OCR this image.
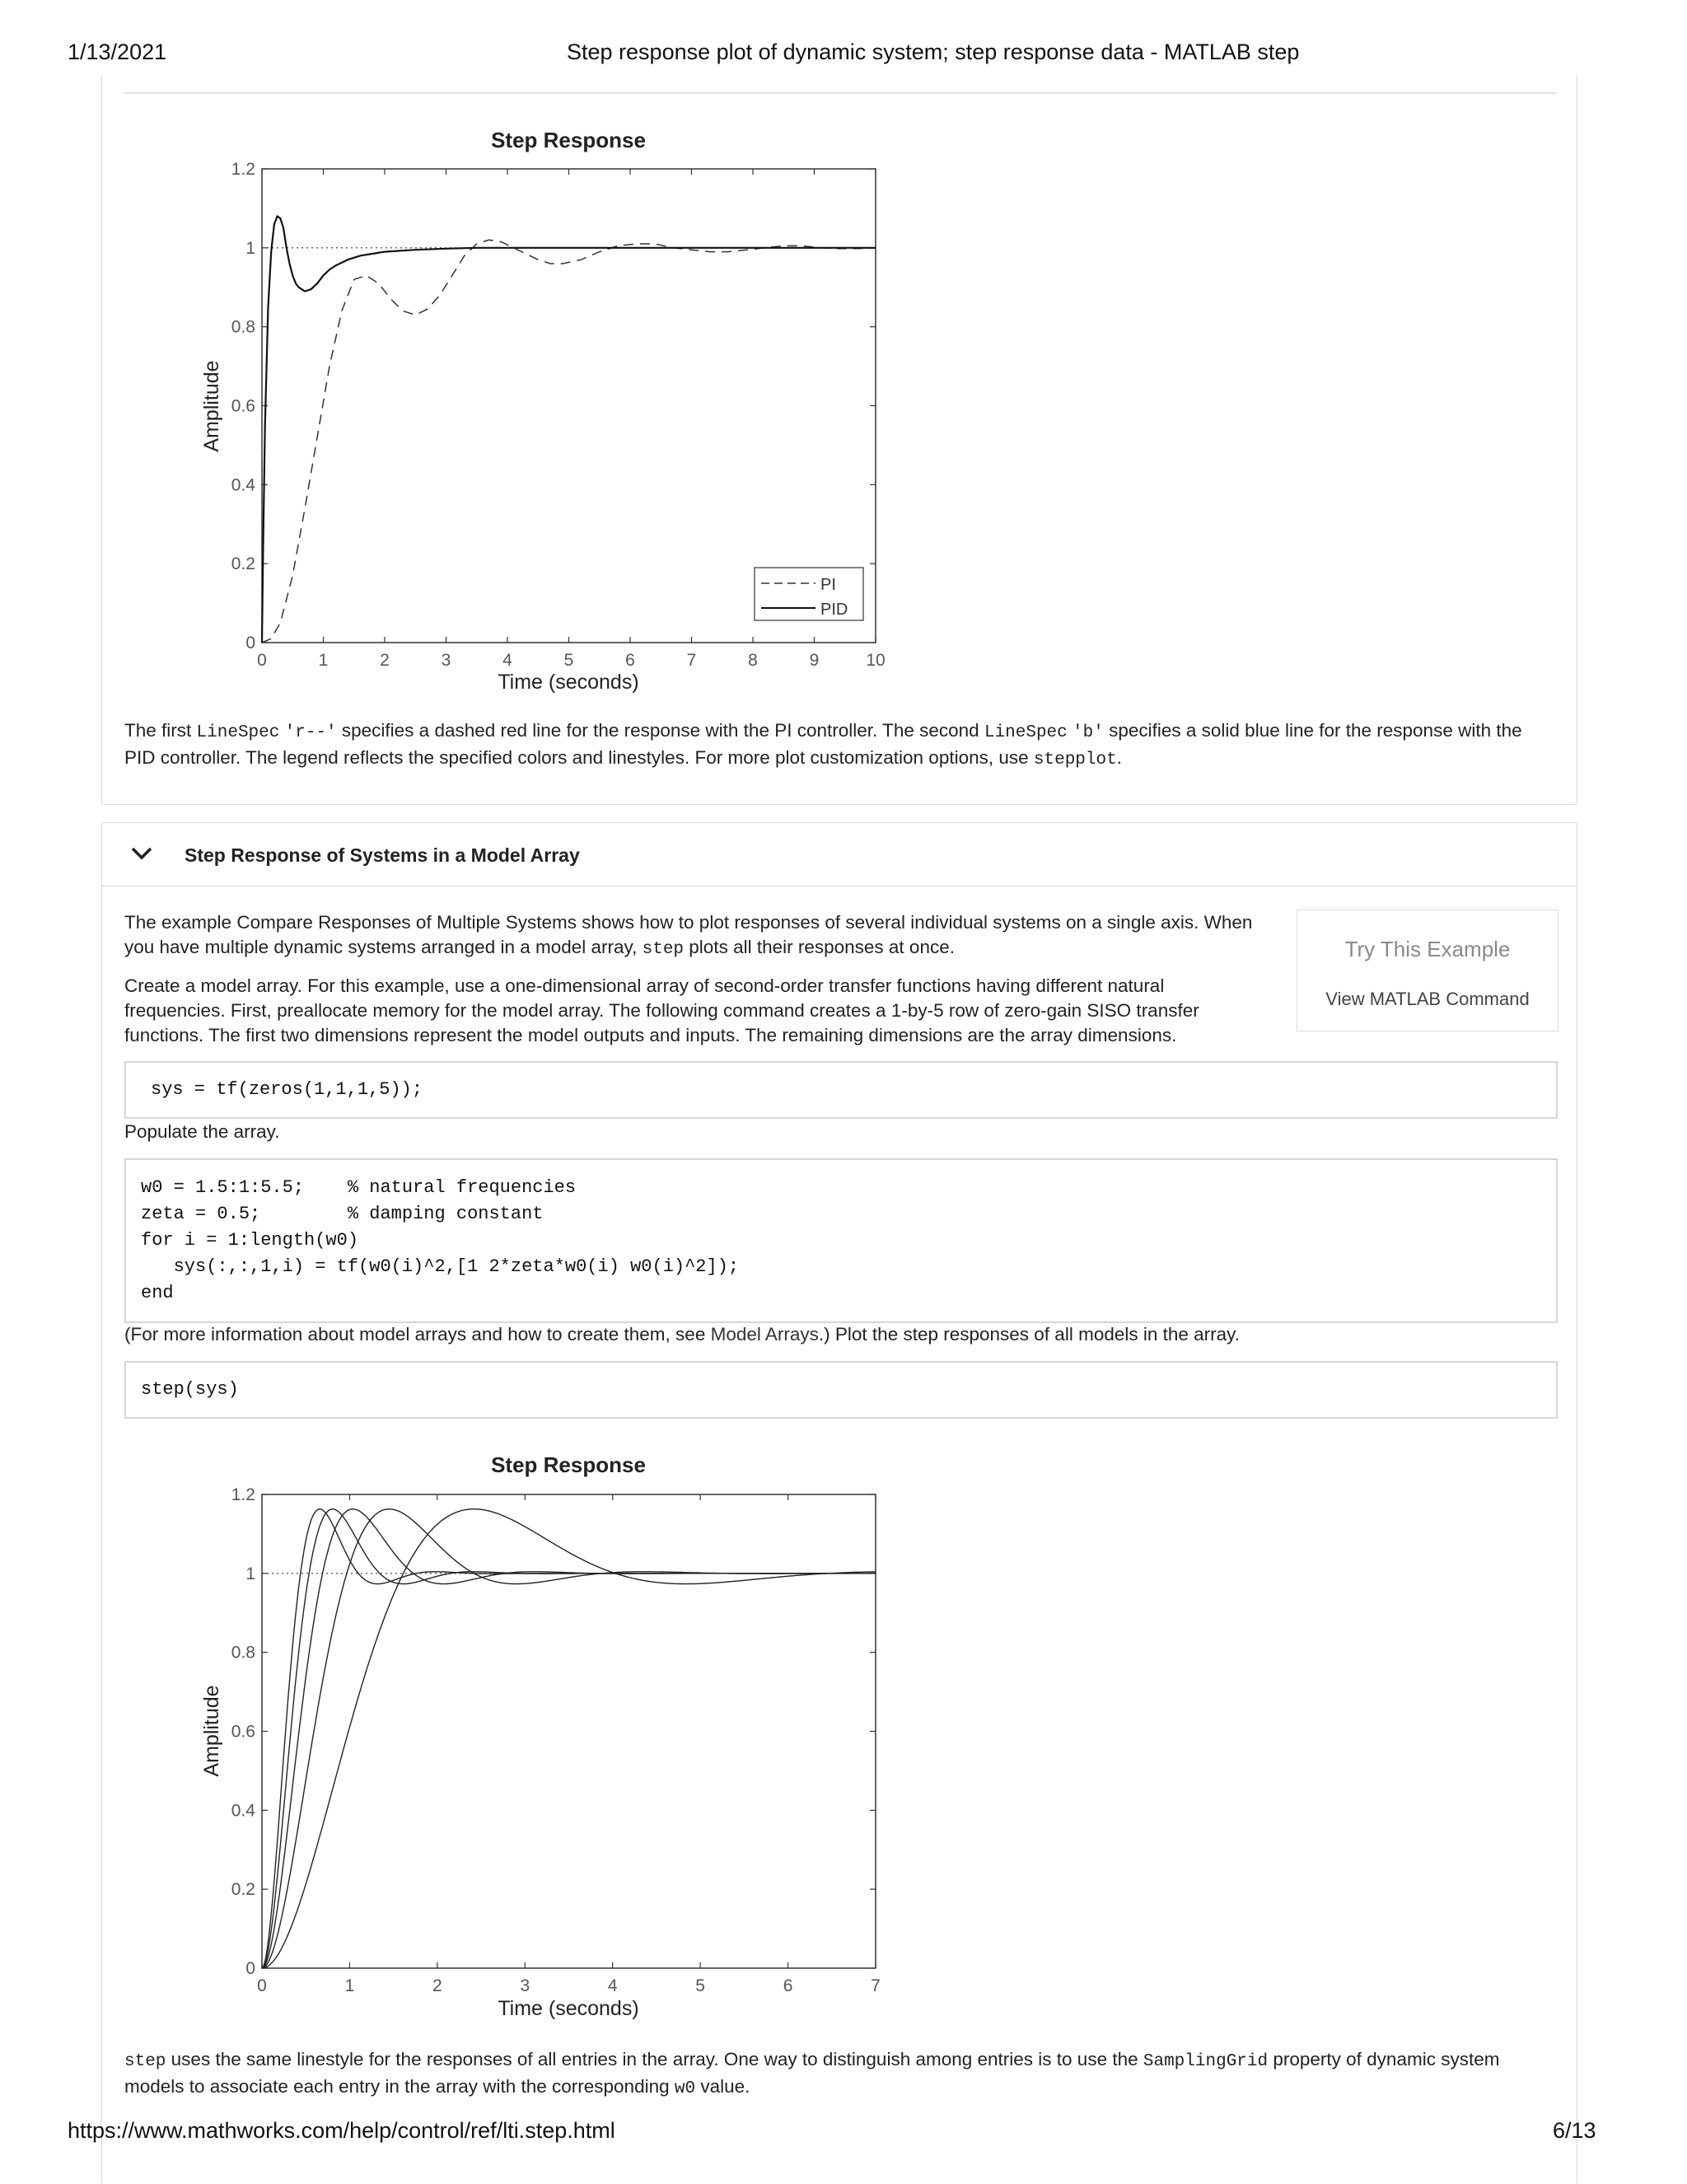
1/13/2021	Step response plot of dynamic system; step response data - MATLAB step
Step Response
0	1	2	3	4	5	6	7	8	9	10
0
0.2
0.4
0.6
0.8
1
1.2
Time (seconds)
Amplitude
PI
PID
The first LineSpec 'r--' specifies a dashed red line for the response with the PI controller. The second LineSpec 'b' specifies a solid blue line for the response with the
PID controller. The legend reflects the specified colors and linestyles. For more plot customization options, use stepplot.
Step Response of Systems in a Model Array
The example Compare Responses of Multiple Systems shows how to plot responses of several individual systems on a single axis. When
you have multiple dynamic systems arranged in a model array, step plots all their responses at once.
Create a model array. For this example, use a one-dimensional array of second-order transfer functions having different natural
frequencies. First, preallocate memory for the model array. The following command creates a 1-by-5 row of zero-gain SISO transfer
functions. The first two dimensions represent the model outputs and inputs. The remaining dimensions are the array dimensions.
Try This Example
View MATLAB Command
sys = tf(zeros(1,1,1,5));
Populate the array.
w0 = 1.5:1:5.5;    % natural frequencies
zeta = 0.5;        % damping constant
for i = 1:length(w0)
sys(:,:,1,i) = tf(w0(i)^2,[1 2*zeta*w0(i) w0(i)^2]);
end
(For more information about model arrays and how to create them, see Model Arrays.) Plot the step responses of all models in the array.
step(sys)
Step Response
0	1	2	3	4	5	6	7
0
0.2
0.4
0.6
0.8
1
1.2
Time (seconds)
Amplitude
step uses the same linestyle for the responses of all entries in the array. One way to distinguish among entries is to use the SamplingGrid property of dynamic system
models to associate each entry in the array with the corresponding w0 value.
https://www.mathworks.com/help/control/ref/lti.step.html	6/13
